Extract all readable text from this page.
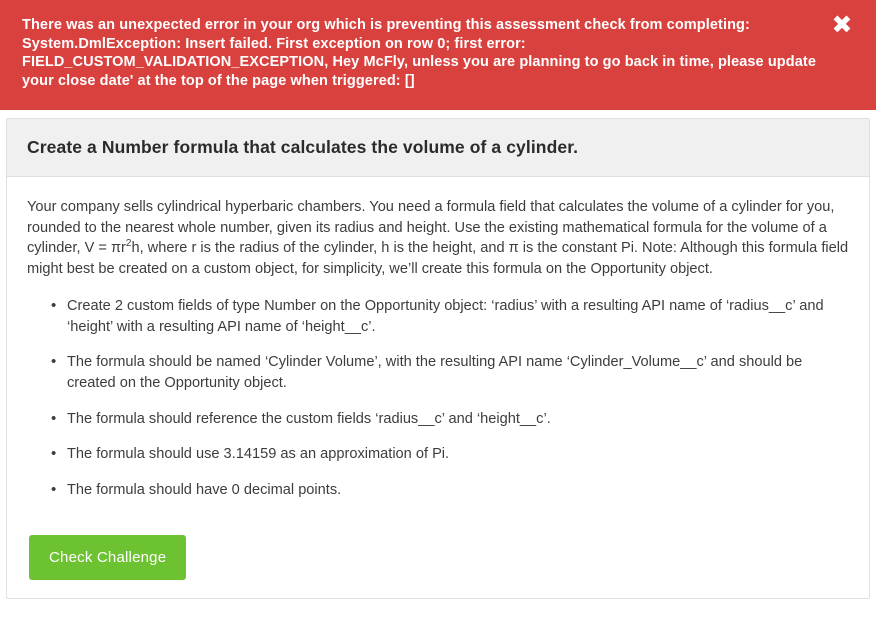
There was an unexpected error in your org which is preventing this assessment check from completing: System.DmlException: Insert failed. First exception on row 0; first error: FIELD_CUSTOM_VALIDATION_EXCEPTION, Hey McFly, unless you are planning to go back in time, please update your close date' at the top of the page when triggered: []
✖
Create a Number formula that calculates the volume of a cylinder.

Your company sells cylindrical hyperbaric chambers. You need a formula field that calculates the volume of a cylinder for you, rounded to the nearest whole number, given its radius and height. Use the existing mathematical formula for the volume of a cylinder, $V = \pi r^2h$, where r is the radius of the cylinder, h is the height, and π is the constant Pi. Note: Although this formula field might best be created on a custom object, for simplicity, we’ll create this formula on the Opportunity object.

• Create 2 custom fields of type Number on the Opportunity object: ‘radius’ with a resulting API name of ‘radius__c’ and ‘height’ with a resulting API name of ‘height__c’.
• The formula should be named ‘Cylinder Volume’, with the resulting API name ‘Cylinder_Volume__c’ and should be created on the Opportunity object.
• The formula should reference the custom fields ‘radius__c’ and ‘height__c’.
• The formula should use 3.14159 as an approximation of Pi.
• The formula should have 0 decimal points.
Check Challenge
